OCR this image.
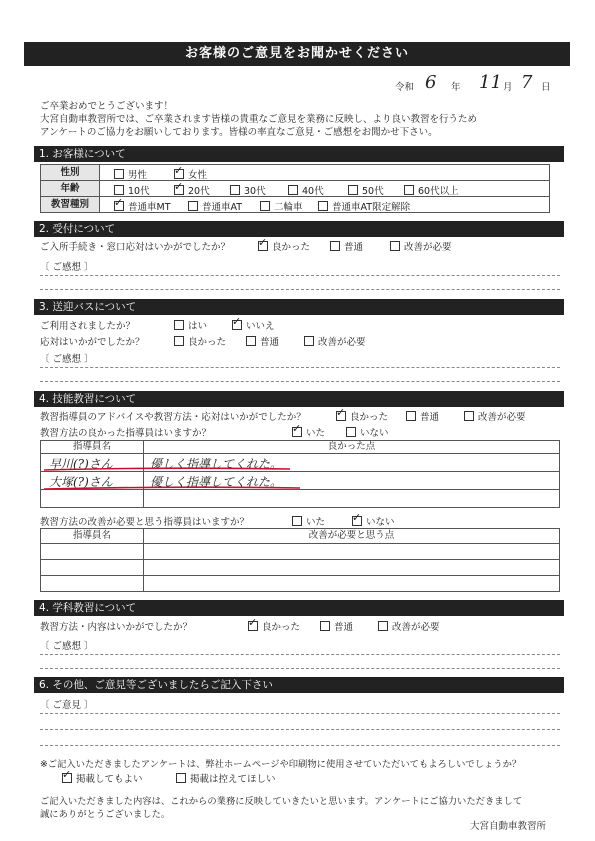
お客様のご意見をお聞かせください
令和 6 年 11 月 7 日
ご卒業おめでとうございます！
大宮自動車教習所では、ご卒業されます皆様の貴重なご意見を業務に反映し、より良い教習を行うため
アンケートのご協力をお願いしております。皆様の率直なご意見・ご感想をお聞かせ下さい。
1. お客様について
性別	男性 ✓	女性
年齢	10代 ✓	20代	30代	40代	50代	60代以上
教習種別 ✓	普通車MT	普通車AT	二輪車	普通車AT限定解除
2. 受付について
ご入所手続き・窓口応対はいかがでしたか？ ✓	良かった	普通	改善が必要
〔 ご感想 〕
3. 送迎バスについて
ご利用されましたか？	はい ✓	いいえ
応対はいかがでしたか？	良かった	普通	改善が必要
〔 ご感想 〕
4. 技能教習について
教習指導員のアドバイスや教習方法・応対はいかがでしたか？ ✓	良かった	普通	改善が必要
教習方法の良かった指導員はいますか？ ✓	いた	いない
指導員名	良かった点
早川(?)さん	優しく指導してくれた。
大塚(?)さん	優しく指導してくれた。
教習方法の改善が必要と思う指導員はいますか？	いた ✓	いない
指導員名	改善が必要と思う点
4. 学科教習について
教習方法・内容はいかがでしたか？ ✓	良かった	普通	改善が必要
〔 ご感想 〕
6. その他、ご意見等ございましたらご記入下さい
〔 ご意見 〕
※ご記入いただきましたアンケートは、弊社ホームページや印刷物に使用させていただいてもよろしいでしょうか？
✓掲載してもよい	掲載は控えてほしい
ご記入いただきました内容は、これからの業務に反映していきたいと思います。アンケートにご協力いただきまして
誠にありがとうございました。
大宮自動車教習所
